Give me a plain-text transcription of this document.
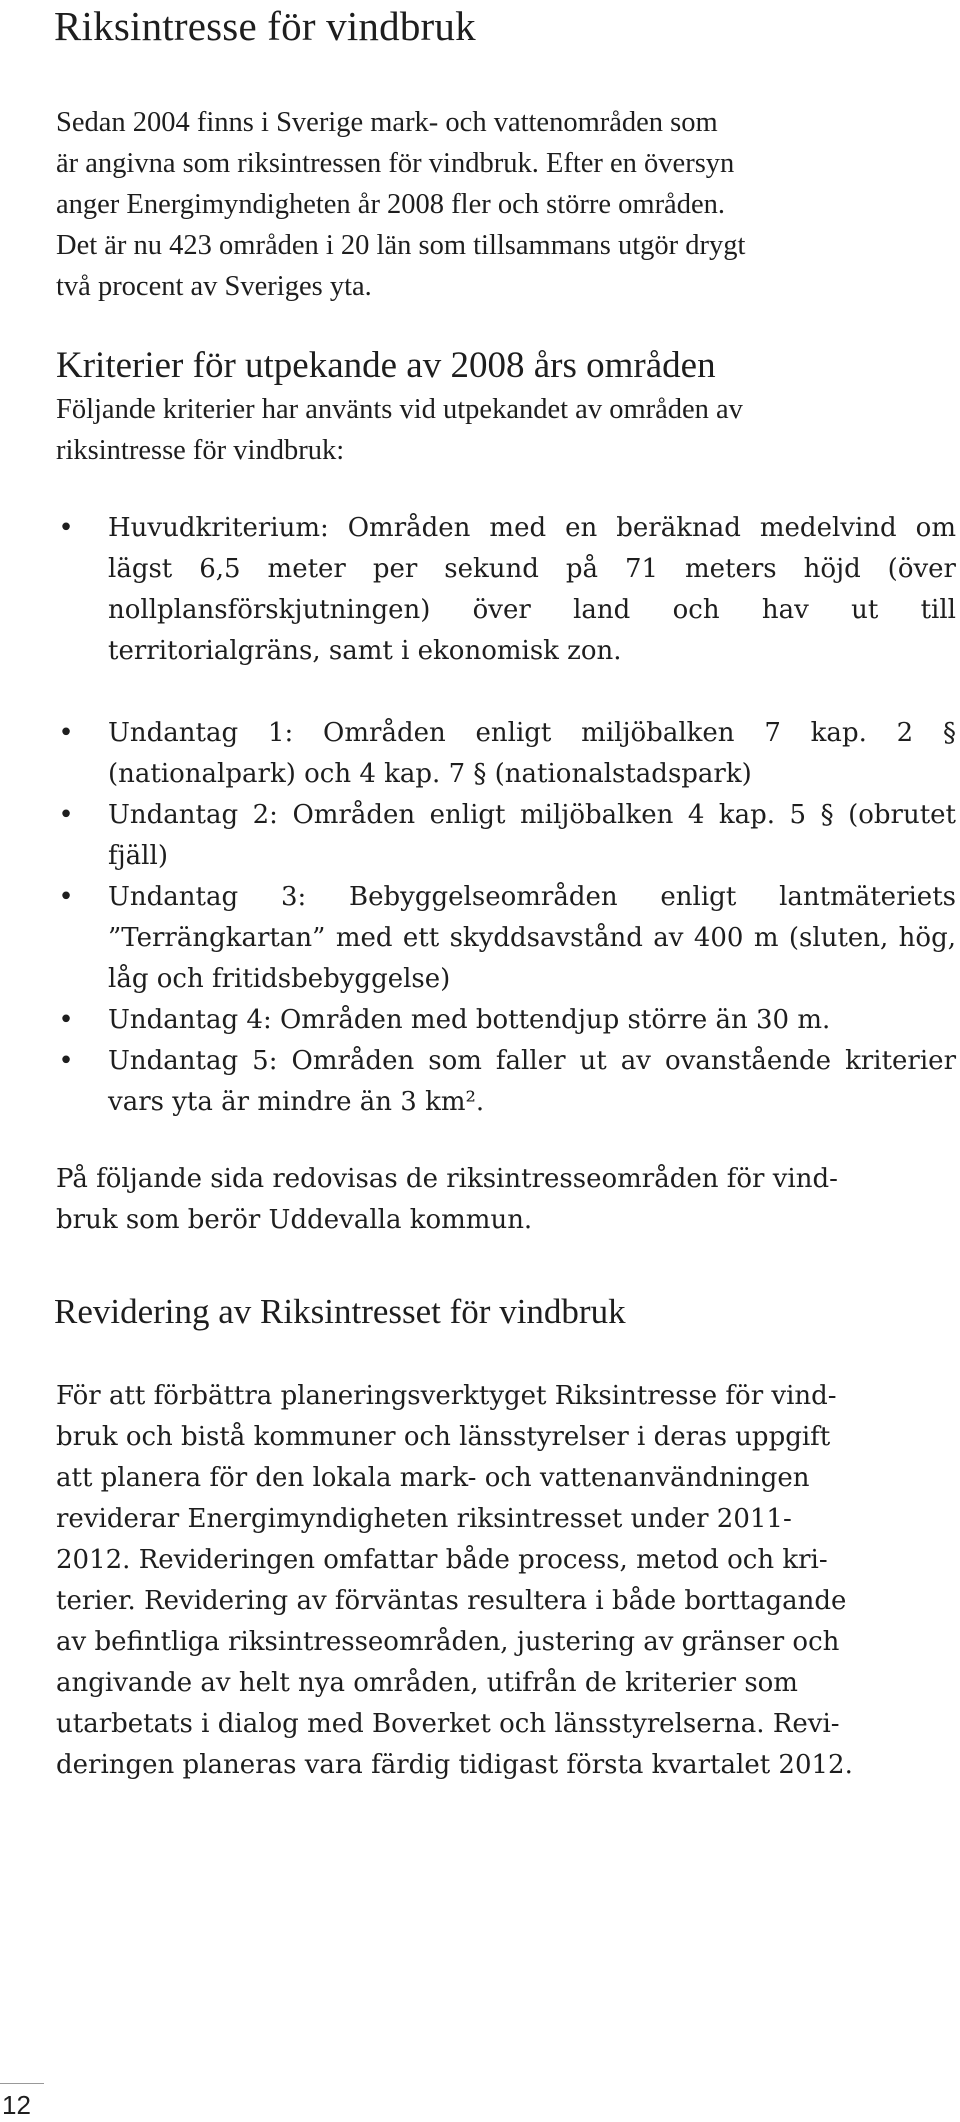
Riksintresse för vindbruk
Sedan 2004 finns i Sverige mark- och vattenområden som
är angivna som riksintressen för vindbruk. Efter en översyn
anger Energimyndigheten år 2008 fler och större områden.
Det är nu 423 områden i 20 län som tillsammans utgör drygt
två procent av Sveriges yta.
Kriterier för utpekande av 2008 års områden
Följande kriterier har använts vid utpekandet av områden av
riksintresse för vindbruk:
• Huvudkriterium: Områden med en beräknad medelvind om lägst 6,5 meter per sekund på 71 meters höjd (över nollplansförskjutningen) över land och hav ut till territorialgräns, samt i ekonomisk zon.
• Undantag 1: Områden enligt miljöbalken 7 kap. 2 § (nationalpark) och 4 kap. 7 § (nationalstadspark)
• Undantag 2: Områden enligt miljöbalken 4 kap. 5 § (obrutet fjäll)
• Undantag 3: Bebyggelseområden enligt lantmäteriets ”Terrängkartan” med ett skyddsavstånd av 400 m (sluten, hög, låg och fritidsbebyggelse)
• Undantag 4: Områden med bottendjup större än 30 m.
• Undantag 5: Områden som faller ut av ovanstående kriterier vars yta är mindre än 3 km².
På följande sida redovisas de riksintresseområden för vind-
bruk som berör Uddevalla kommun.
Revidering av Riksintresset för vindbruk
För att förbättra planeringsverktyget Riksintresse för vind-
bruk och bistå kommuner och länsstyrelser i deras uppgift
att planera för den lokala mark- och vattenanvändningen
reviderar Energimyndigheten riksintresset under 2011-
2012. Revideringen omfattar både process, metod och kri-
terier. Revidering av förväntas resultera i både borttagande
av befintliga riksintresseområden, justering av gränser och
angivande av helt nya områden, utifrån de kriterier som
utarbetats i dialog med Boverket och länsstyrelserna. Revi-
deringen planeras vara färdig tidigast första kvartalet 2012.
12
